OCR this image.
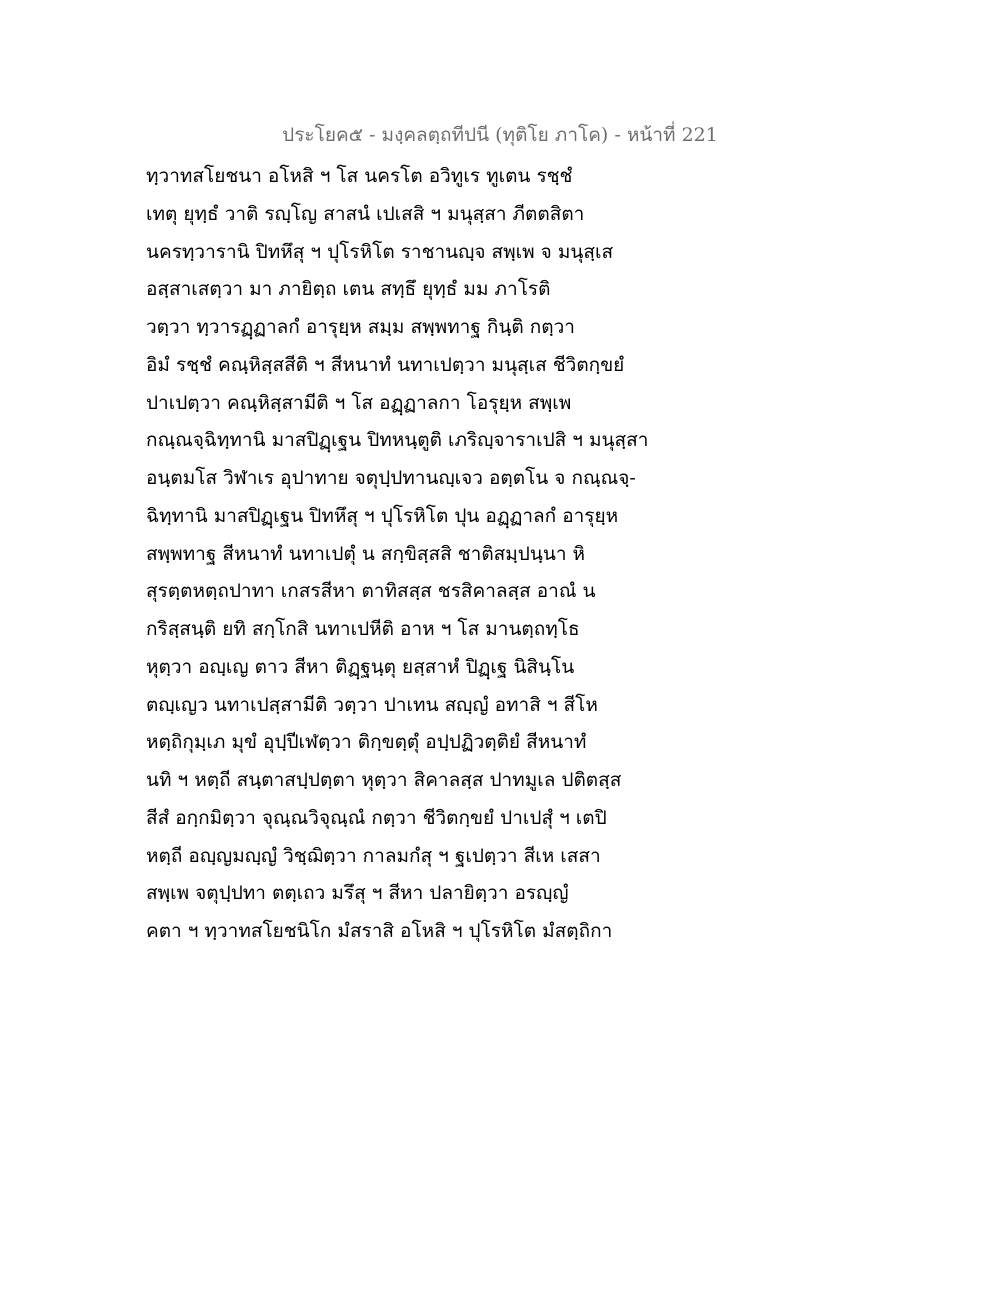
ประโยค๕ - มงฺคลตฺถทีปนี (ทุติโย ภาโค) - หน้าที่ 221
ทฺวาทสโยชนา อโหสิ ฯ โส นครโต อวิทูเร ทูเตน รชฺชํ
เทตุ ยุทฺธํ วาติ รญฺโญ สาสนํ เปเสสิ ฯ มนุสฺสา ภีตตสิตา
นครทฺวารานิ ปิทหึสุ ฯ ปุโรหิโต ราชานญฺจ สพฺเพ จ มนุสฺเส
อสฺสาเสตฺวา มา ภายิตฺถ เตน สทฺธึ ยุทฺธํ มม ภาโรติ
วตฺวา ทฺวารฏฺฏาลกํ อารุยฺห สมฺม สพฺพทาฐ กินฺติ กตฺวา
อิมํ รชฺชํ คณฺหิสฺสสีติ ฯ สีหนาทํ นทาเปตฺวา มนุสฺเส ชีวิตกฺขยํ
ปาเปตฺวา คณฺหิสฺสามีติ ฯ โส อฏฺฏาลกา โอรุยฺห สพฺเพ
กณฺณจฺฉิทฺทานิ มาสปิฏฺเฐน ปิทหนฺตูติ เภริญฺจาราเปสิ ฯ มนุสฺสา
อนฺตมโส วิฬาเร อุปาทาย จตุปฺปทานญฺเจว อตฺตโน จ กณฺณจฺ-
ฉิทฺทานิ มาสปิฏฺเฐน ปิทหึสุ ฯ ปุโรหิโต ปุน อฏฺฏาลกํ อารุยฺห
สพฺพทาฐ สีหนาทํ นทาเปตุํ น สกฺขิสฺสสิ ชาติสมฺปนฺนา หิ
สุรตฺตหตฺถปาทา เกสรสีหา ตาทิสสฺส ชรสิคาลสฺส อาณํ น
กริสฺสนฺติ ยทิ สกฺโกสิ นทาเปหีติ อาห ฯ โส มานตฺถทฺโธ
หุตฺวา อญฺเญ ตาว สีหา ติฏฺฐนฺตุ ยสฺสาหํ ปิฏฺเฐ นิสินฺโน
ตญฺเญว นทาเปสฺสามีติ วตฺวา ปาเทน สญฺญํ อทาสิ ฯ สีโห
หตฺถิกุมฺเภ มุขํ อุปฺปีเฬตฺวา ติกฺขตฺตุํ อปฺปฏิวตฺติยํ สีหนาทํ
นทิ ฯ หตฺถี สนฺตาสปฺปตฺตา หุตฺวา สิคาลสฺส ปาทมูเล ปติตสฺส
สีสํ อกฺกมิตฺวา จุณฺณวิจุณฺณํ กตฺวา ชีวิตกฺขยํ ปาเปสุํ ฯ เตปิ
หตฺถี อญฺญมญฺญํ วิชฺฌิตฺวา กาลมกํสุ ฯ ฐเปตฺวา สีเห เสสา
สพฺเพ จตุปฺปทา ตตฺเถว มรึสุ ฯ สีหา ปลายิตฺวา อรญฺญํ
คตา ฯ ทฺวาทสโยชนิโก มํสราสิ อโหสิ ฯ ปุโรหิโต มํสตฺถิกา
